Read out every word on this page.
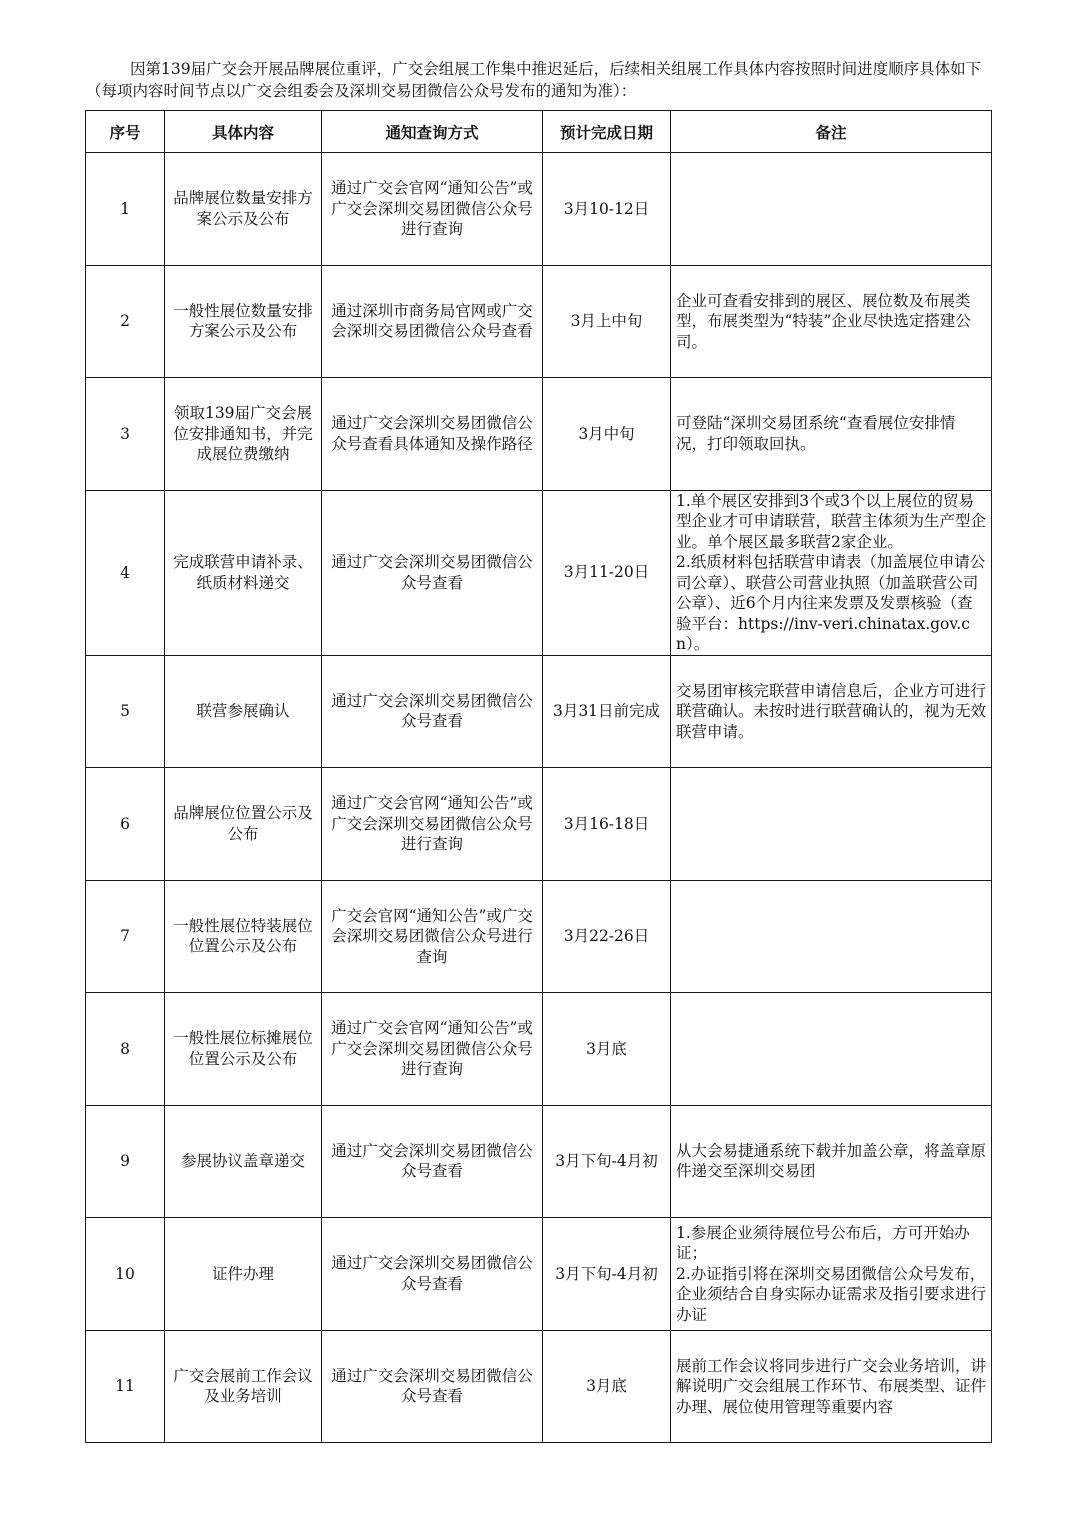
因第139届广交会开展品牌展位重评，广交会组展工作集中推迟延后，后续相关组展工作具体内容按照时间进度顺序具体如下（每项内容时间节点以广交会组委会及深圳交易团微信公众号发布的通知为准）：
序号	具体内容	通知查询方式	预计完成日期	备注
1	品牌展位数量安排方案公示及公布	通过广交会官网“通知公告”或广交会深圳交易团微信公众号进行查询	3月10-12日	
2	一般性展位数量安排方案公示及公布	通过深圳市商务局官网或广交会深圳交易团微信公众号查看	3月上中旬	企业可查看安排到的展区、展位数及布展类型，布展类型为“特装”企业尽快选定搭建公司。

3	领取139届广交会展位安排通知书，并完成展位费缴纳	通过广交会深圳交易团微信公众号查看具体通知及操作路径	3月中旬	可登陆“深圳交易团系统“查看展位安排情况，打印领取回执。

4	完成联营申请补录、纸质材料递交	通过广交会深圳交易团微信公众号查看	3月11-20日	1.单个展区安排到3个或3个以上展位的贸易型企业才可申请联营，联营主体须为生产型企业。单个展区最多联营2家企业。
2.纸质材料包括联营申请表（加盖展位申请公司公章）、联营公司营业执照（加盖联营公司公章）、近6个月内往来发票及发票核验（查验平台：https://inv-veri.chinatax.gov.cn）。

5	联营参展确认	通过广交会深圳交易团微信公众号查看	3月31日前完成	交易团审核完联营申请信息后，企业方可进行联营确认。未按时进行联营确认的，视为无效联营申请。

6	品牌展位位置公示及公布	通过广交会官网“通知公告”或广交会深圳交易团微信公众号进行查询	3月16-18日	
7	一般性展位特装展位位置公示及公布	广交会官网“通知公告”或广交会深圳交易团微信公众号进行查询	3月22-26日	
8	一般性展位标摊展位位置公示及公布	通过广交会官网“通知公告”或广交会深圳交易团微信公众号进行查询	3月底	
9	参展协议盖章递交	通过广交会深圳交易团微信公众号查看	3月下旬-4月初	从大会易捷通系统下载并加盖公章，将盖章原件递交至深圳交易团

10	证件办理	通过广交会深圳交易团微信公众号查看	3月下旬-4月初	1.参展企业须待展位号公布后，方可开始办证；
2.办证指引将在深圳交易团微信公众号发布，企业须结合自身实际办证需求及指引要求进行办证

11	广交会展前工作会议及业务培训	通过广交会深圳交易团微信公众号查看	3月底	展前工作会议将同步进行广交会业务培训，讲解说明广交会组展工作环节、布展类型、证件办理、展位使用管理等重要内容
